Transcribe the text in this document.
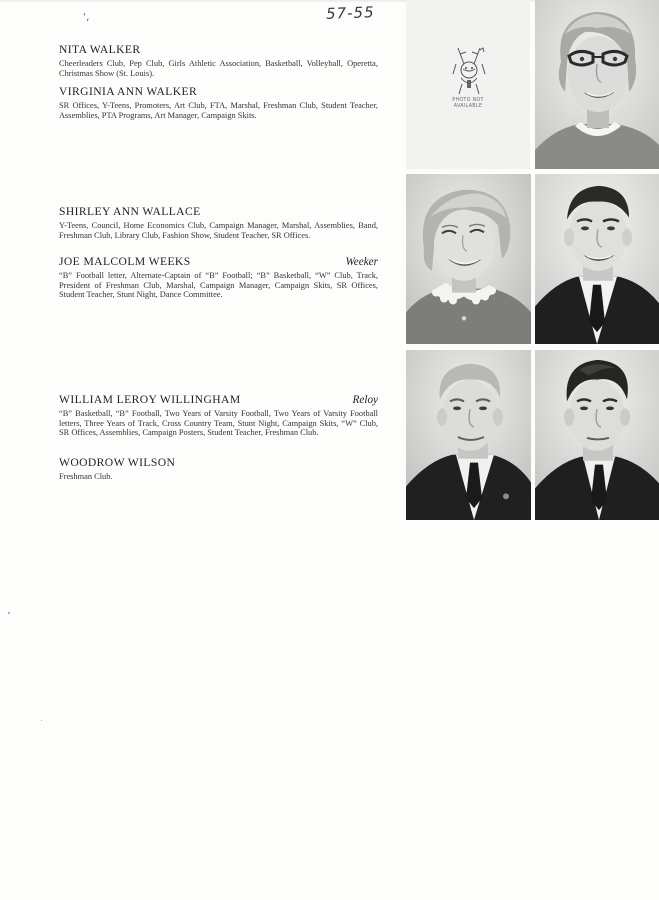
‘‚	57-55
NITA WALKER
Cheerleaders Club, Pep Club, Girls Athletic Association, Basketball, Volleyball, Operetta, Christmas Show (St. Louis).
VIRGINIA ANN WALKER
SR Offices, Y-Teens, Promoters, Art Club, FTA, Marshal, Freshman Club, Student Teacher, Assemblies, PTA Programs, Art Manager, Campaign Skits.
SHIRLEY ANN WALLACE
Y-Teens, Council, Home Economics Club, Campaign Manager, Marshal, Assemblies, Band, Freshman Club, Library Club, Fashion Show, Student Teacher, SR Offices.
JOE MALCOLM WEEKS	Weeker
“B” Football letter, Alternate-Captain of “B” Football; “B” Basketball, “W” Club, Track, President of Freshman Club, Marshal, Campaign Manager, Campaign Skits, SR Offices, Student Teacher, Stunt Night, Dance Committee.
WILLIAM LEROY WILLINGHAM	Reloy
“B” Basketball, “B” Football, Two Years of Varsity Football, Two Years of Varsity Football letters, Three Years of Track, Cross Country Team, Stunt Night, Campaign Skits, “W” Club, SR Offices, Assemblies, Campaign Posters, Student Teacher, Freshman Club.
WOODROW WILSON
Freshman Club.
PHOTO NOT
AVAILABLE
